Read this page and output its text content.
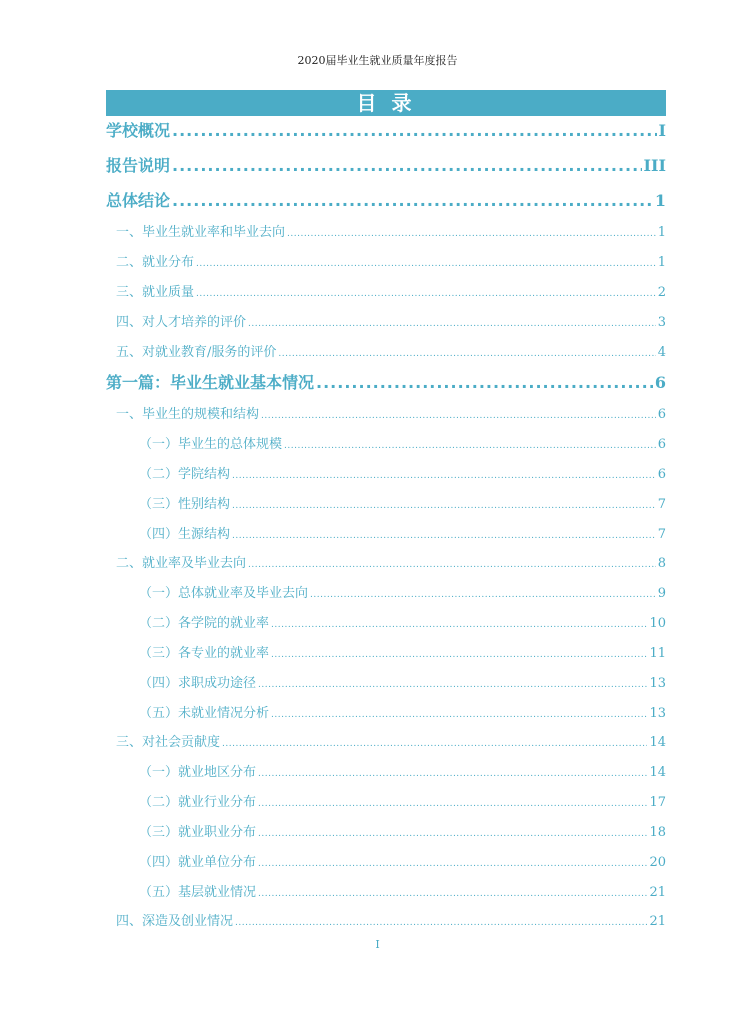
2020届毕业生就业质量年度报告
目 录
学校概况 .....	I
报告说明 .....	III
总体结论 .....	1
一、毕业生就业率和毕业去向 .....	1
二、就业分布 .....	1
三、就业质量 .....	2
四、对人才培养的评价 .....	3
五、对就业教育/服务的评价 .....	4
第一篇：毕业生就业基本情况 .....	6
一、毕业生的规模和结构 .....	6
（一）毕业生的总体规模 .....	6
（二）学院结构 .....	6
（三）性别结构 .....	7
（四）生源结构 .....	7
二、就业率及毕业去向 .....	8
（一）总体就业率及毕业去向 .....	9
（二）各学院的就业率 .....	10
（三）各专业的就业率 .....	11
（四）求职成功途径 .....	13
（五）未就业情况分析 .....	13
三、对社会贡献度 .....	14
（一）就业地区分布 .....	14
（二）就业行业分布 .....	17
（三）就业职业分布 .....	18
（四）就业单位分布 .....	20
（五）基层就业情况 .....	21
四、深造及创业情况 .....	21
I
